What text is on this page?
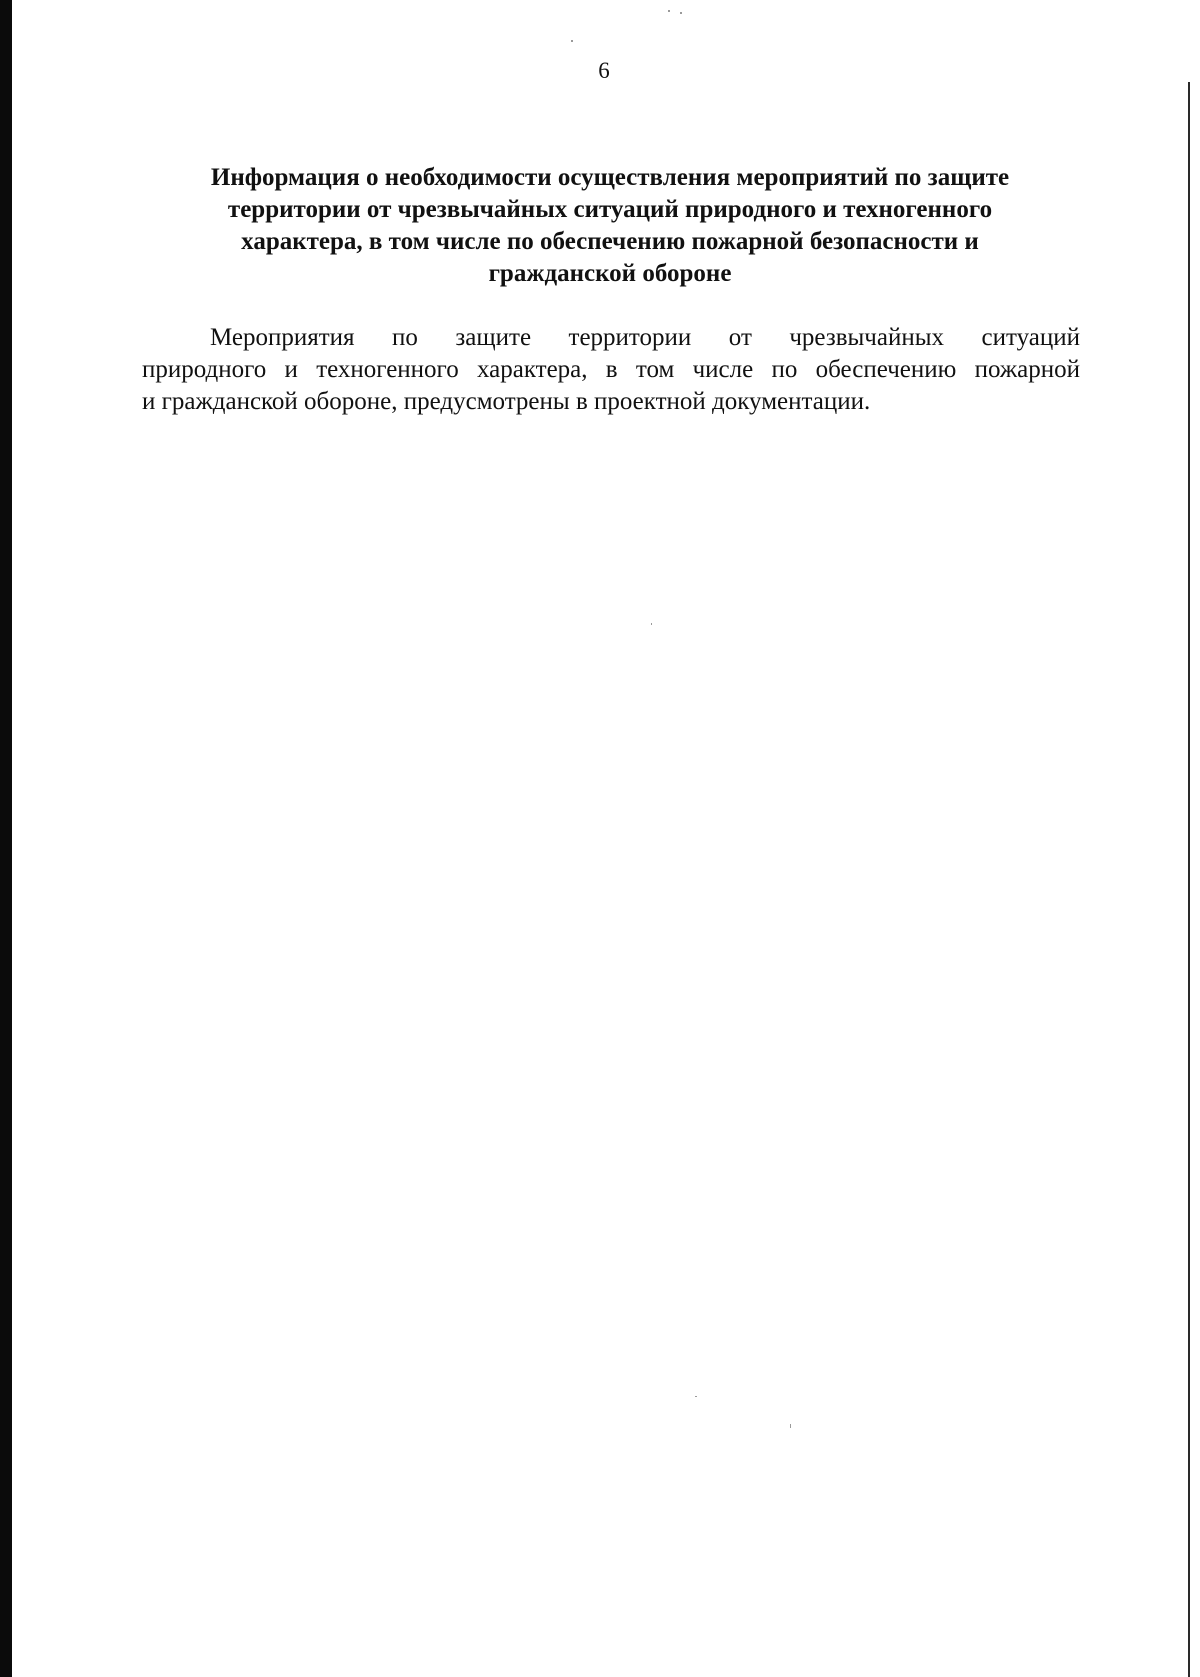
6
Информация о необходимости осуществления мероприятий по защите
территории от чрезвычайных ситуаций природного и техногенного
характера, в том числе по обеспечению пожарной безопасности и
гражданской обороне

Мероприятия по защите территории от чрезвычайных ситуаций
природного и техногенного характера, в том числе по обеспечению пожарной
и гражданской обороне, предусмотрены в проектной документации.
